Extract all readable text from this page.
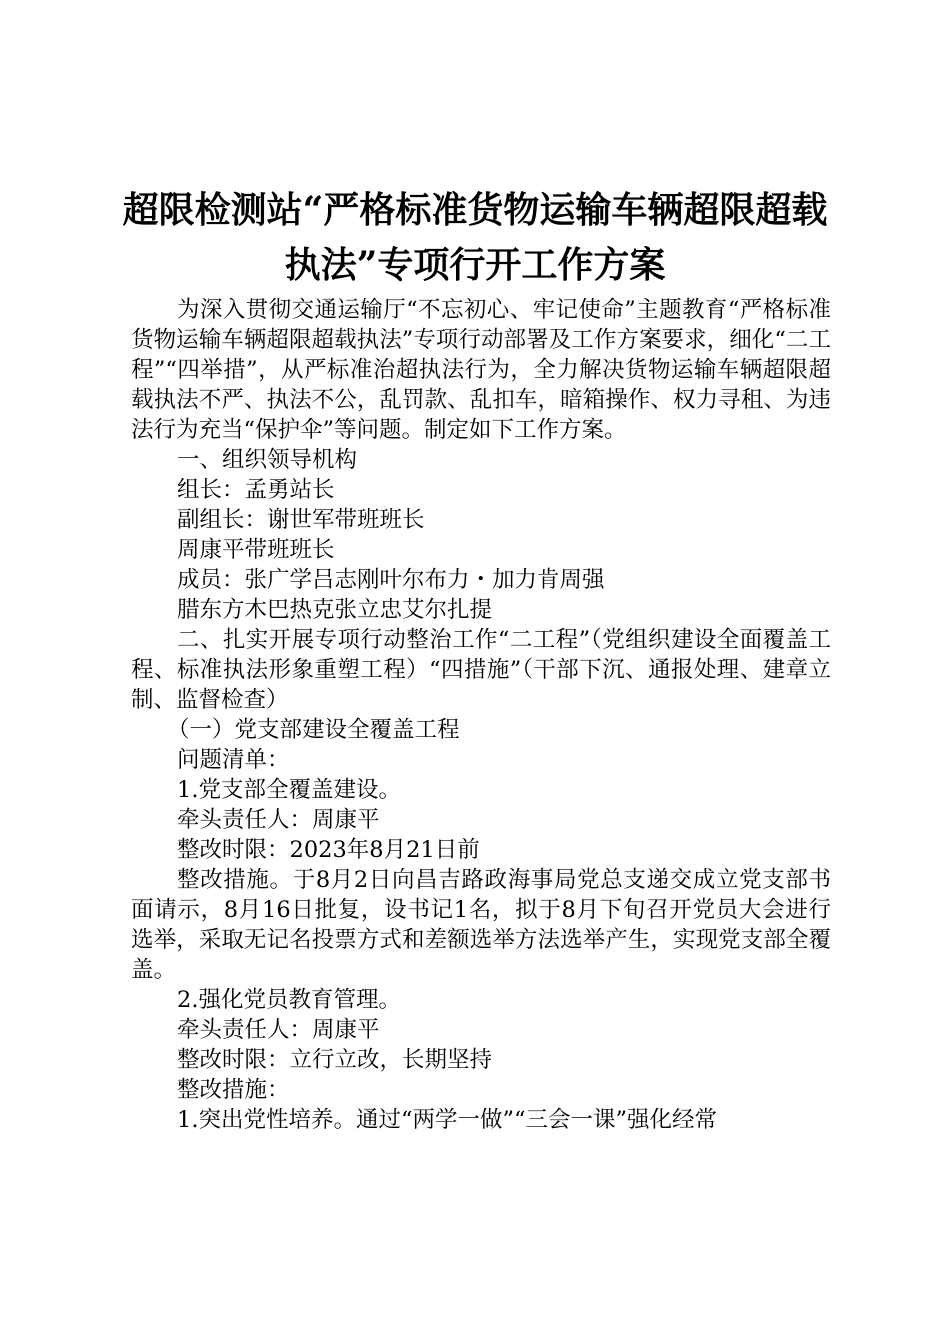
超限检测站“严格标准货物运输车辆超限超载
执法”专项行开工作方案

为深入贯彻交通运输厅“不忘初心、牢记使命”主题教育“严格标准货物运输车辆超限超载执法”专项行动部署及工作方案要求，细化“二工程”“四举措”，从严标准治超执法行为，全力解决货物运输车辆超限超载执法不严、执法不公，乱罚款、乱扣车，暗箱操作、权力寻租、为违法行为充当“保护伞”等问题。制定如下工作方案。

一、组织领导机构

组长：孟勇站长

副组长：谢世军带班班长

周康平带班班长

成员：张广学吕志刚叶尔布力・加力肯周强

腊东方木巴热克张立忠艾尔扎提

二、扎实开展专项行动整治工作“二工程”（党组织建设全面覆盖工程、标准执法形象重塑工程）“四措施”（干部下沉、通报处理、建章立制、监督检查）

（一）党支部建设全覆盖工程

问题清单：

1.党支部全覆盖建设。

牵头责任人：周康平

整改时限：2023年8月21日前

整改措施。于8月2日向昌吉路政海事局党总支递交成立党支部书面请示，8月16日批复，设书记1名，拟于8月下旬召开党员大会进行选举，采取无记名投票方式和差额选举方法选举产生，实现党支部全覆盖。

2.强化党员教育管理。

牵头责任人：周康平

整改时限：立行立改，长期坚持

整改措施：

1.突出党性培养。通过“两学一做”“三会一课”强化经常
